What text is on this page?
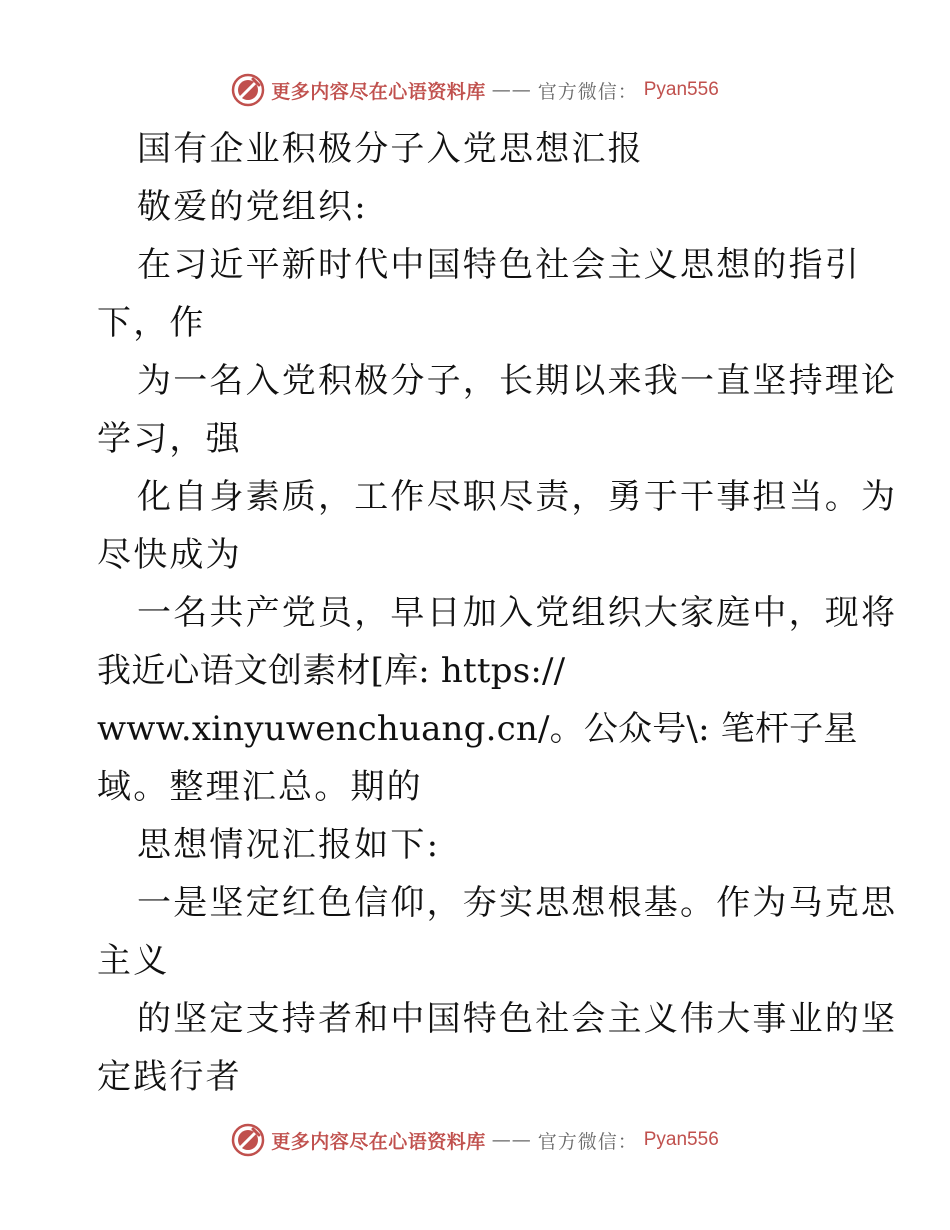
更多内容尽在心语资料库 —— 官方微信： Pyan556
国有企业积极分子入党思想汇报
敬爱的党组织:
在习近平新时代中国特色社会主义思想的指引
下，作
为一名入党积极分子，长期以来我一直坚持理论
学习，强
化自身素质，工作尽职尽责，勇于干事担当。为
尽快成为
一名共产党员，早日加入党组织大家庭中，现将
我近心语文创素材[库: https://
www.xinyuwenchuang.cn/。公众号\: 笔杆子星
域。整理汇总。期的
思想情况汇报如下:
一是坚定红色信仰，夯实思想根基。作为马克思
主义
的坚定支持者和中国特色社会主义伟大事业的坚
定践行者
更多内容尽在心语资料库 —— 官方微信： Pyan556
